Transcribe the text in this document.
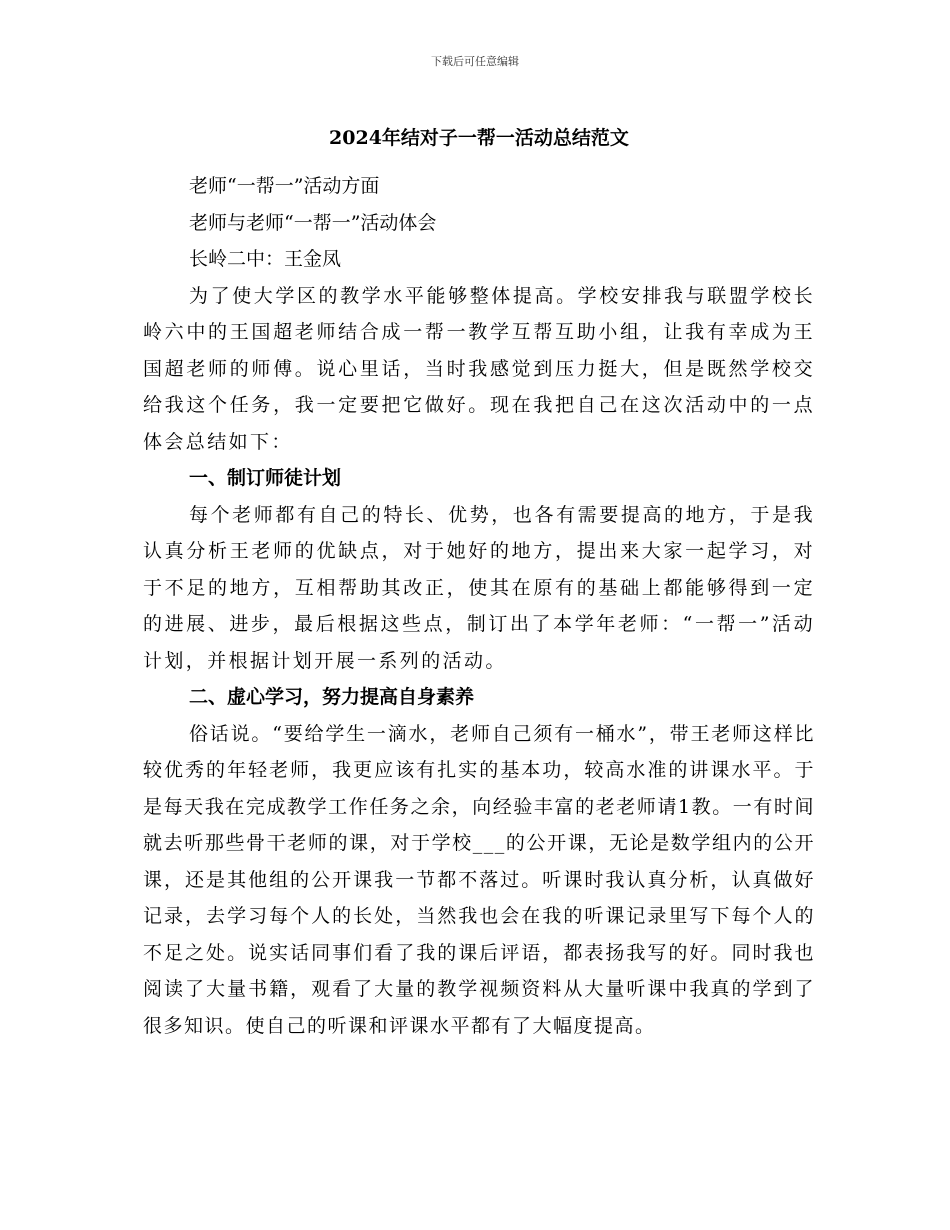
下载后可任意编辑
2024年结对子一帮一活动总结范文
老师“一帮一”活动方面
老师与老师“一帮一”活动体会
长岭二中：王金凤

为了使大学区的教学水平能够整体提高。学校安排我与联盟学校长岭六中的王国超老师结合成一帮一教学互帮互助小组，让我有幸成为王国超老师的师傅。说心里话，当时我感觉到压力挺大，但是既然学校交给我这个任务，我一定要把它做好。现在我把自己在这次活动中的一点体会总结如下：

一、制订师徒计划

每个老师都有自己的特长、优势，也各有需要提高的地方，于是我认真分析王老师的优缺点，对于她好的地方，提出来大家一起学习，对于不足的地方，互相帮助其改正，使其在原有的基础上都能够得到一定的进展、进步，最后根据这些点，制订出了本学年老师：“一帮一”活动计划，并根据计划开展一系列的活动。

二、虚心学习，努力提高自身素养

俗话说。“要给学生一滴水，老师自己须有一桶水”，带王老师这样比较优秀的年轻老师，我更应该有扎实的基本功，较高水准的讲课水平。于是每天我在完成教学工作任务之余，向经验丰富的老老师请1教。一有时间就去听那些骨干老师的课，对于学校___的公开课，无论是数学组内的公开课，还是其他组的公开课我一节都不落过。听课时我认真分析，认真做好记录，去学习每个人的长处，当然我也会在我的听课记录里写下每个人的不足之处。说实话同事们看了我的课后评语，都表扬我写的好。同时我也阅读了大量书籍，观看了大量的教学视频资料从大量听课中我真的学到了很多知识。使自己的听课和评课水平都有了大幅度提高。
